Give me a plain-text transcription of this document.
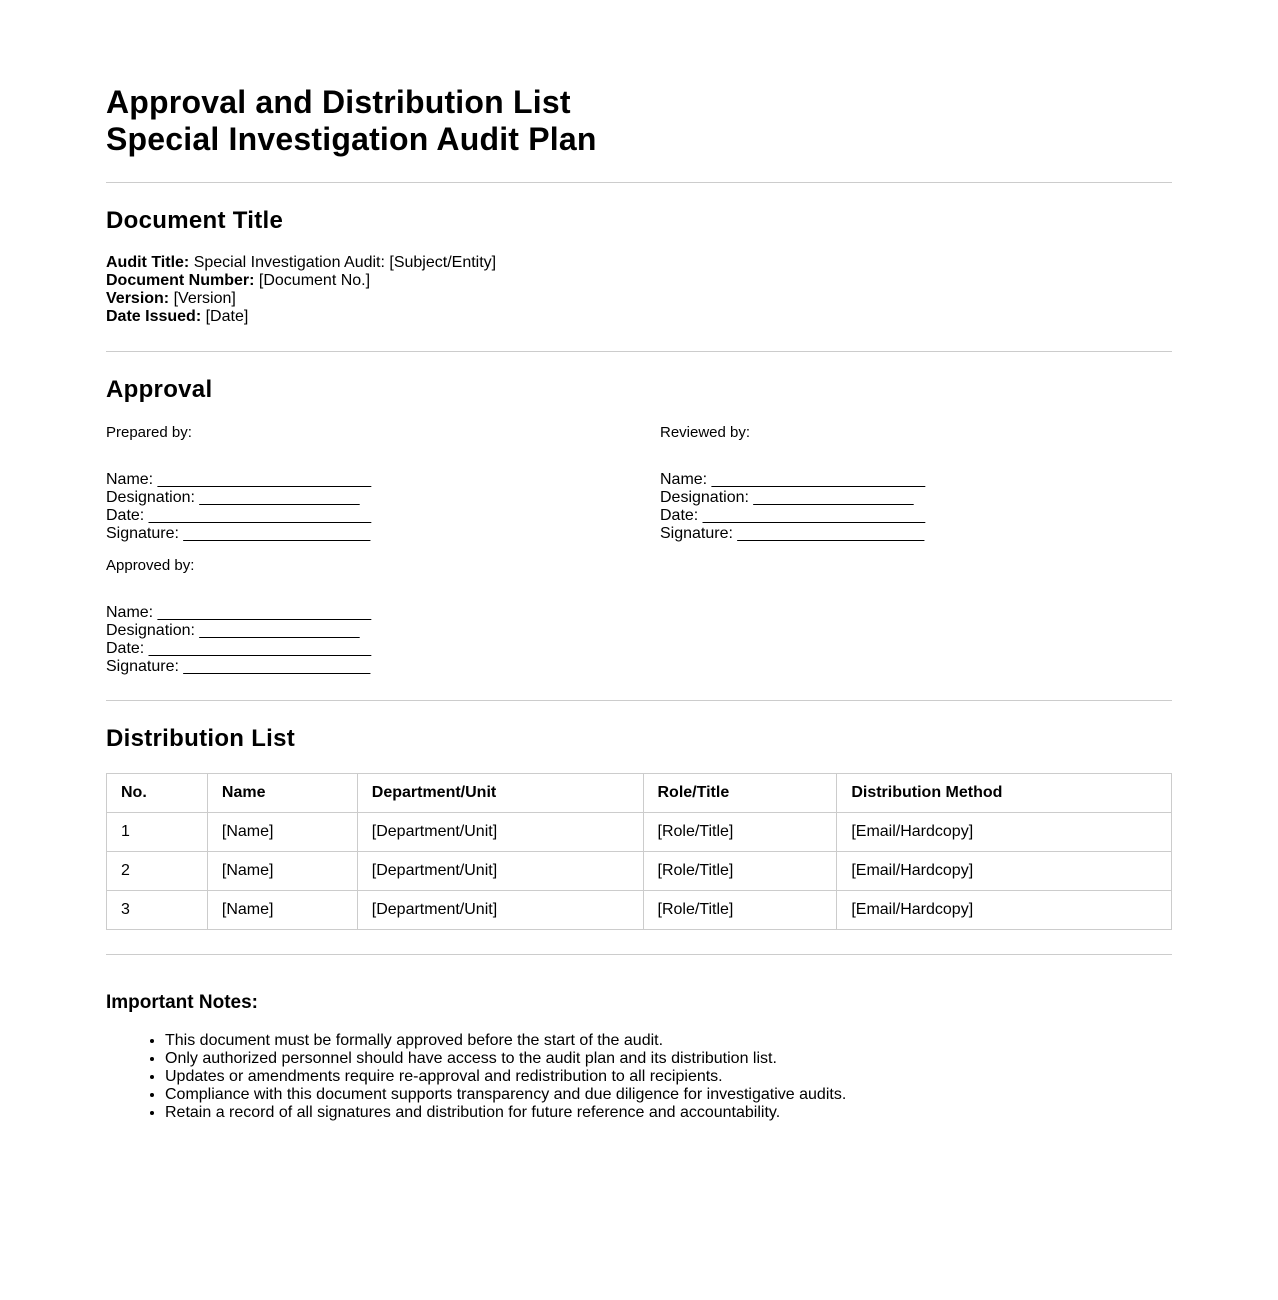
Approval and Distribution List
Special Investigation Audit Plan
Document Title
Audit Title: Special Investigation Audit: [Subject/Entity]
Document Number: [Document No.]
Version: [Version]
Date Issued: [Date]
Approval
Prepared by:
Name: ________________________
Designation: __________________
Date: _________________________
Signature: _____________________
Reviewed by:
Name: ________________________
Designation: __________________
Date: _________________________
Signature: _____________________
Approved by:
Name: ________________________
Designation: __________________
Date: _________________________
Signature: _____________________
Distribution List
No.	Name	Department/Unit	Role/Title	Distribution Method
1	[Name]	[Department/Unit]	[Role/Title]	[Email/Hardcopy]
2	[Name]	[Department/Unit]	[Role/Title]	[Email/Hardcopy]
3	[Name]	[Department/Unit]	[Role/Title]	[Email/Hardcopy]
Important Notes:
• This document must be formally approved before the start of the audit.
• Only authorized personnel should have access to the audit plan and its distribution list.
• Updates or amendments require re-approval and redistribution to all recipients.
• Compliance with this document supports transparency and due diligence for investigative audits.
• Retain a record of all signatures and distribution for future reference and accountability.
